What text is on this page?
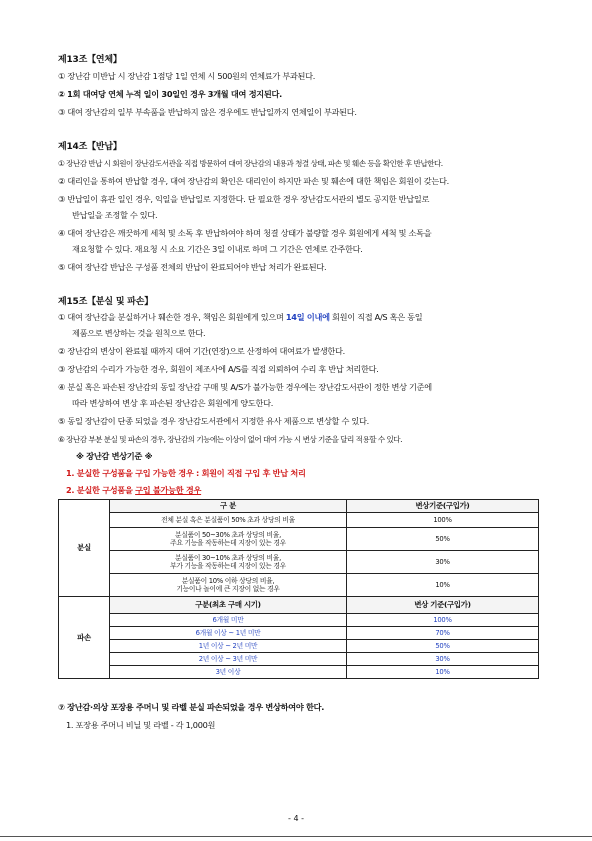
제13조【연체】
① 장난감 미반납 시 장난감 1점당 1일 연체 시 500원의 연체료가 부과된다.
② 1회 대여당 연체 누적 일이 30일인 경우 3개월 대여 정지된다.
③ 대여 장난감의 일부 부속품을 반납하지 않은 경우에도 반납일까지 연체일이 부과된다.
제14조【반납】
① 장난감 반납 시 회원이 장난감도서관을 직접 방문하여 대여 장난감의 내용과 청결 상태, 파손 및 훼손 등을 확인한 후 반납한다.
② 대리인을 통하여 반납할 경우, 대여 장난감의 확인은 대리인이 하지만 파손 및 훼손에 대한 책임은 회원이 갖는다.
③ 반납일이 휴관 일인 경우, 익일을 반납일로 지정한다. 단 필요한 경우 장난감도서관의 별도 공지한 반납일로
반납일을 조정할 수 있다.
④ 대여 장난감은 깨끗하게 세척 및 소독 후 반납하여야 하며 청결 상태가 불량할 경우 회원에게 세척 및 소독을
재요청할 수 있다. 재요청 시 소요 기간은 3일 이내로 하며 그 기간은 연체로 간주한다.
⑤ 대여 장난감 반납은 구성품 전체의 반납이 완료되어야 반납 처리가 완료된다.
제15조【분실 및 파손】
① 대여 장난감을 분실하거나 훼손한 경우, 책임은 회원에게 있으며 14일 이내에 회원이 직접 A/S 혹은 동일
제품으로 변상하는 것을 원칙으로 한다.
② 장난감의 변상이 완료될 때까지 대여 기간(연장)으로 산정하여 대여료가 발생한다.
③ 장난감의 수리가 가능한 경우, 회원이 제조사에 A/S를 직접 의뢰하여 수리 후 반납 처리한다.
④ 분실 혹은 파손된 장난감의 동일 장난감 구매 및 A/S가 불가능한 경우에는 장난감도서관이 정한 변상 기준에
따라 변상하여 변상 후 파손된 장난감은 회원에게 양도한다.
⑤ 동일 장난감이 단종 되었을 경우 장난감도서관에서 지정한 유사 제품으로 변상할 수 있다.
⑥ 장난감 부분 분실 및 파손의 경우, 장난감의 기능에는 이상이 없어 대여 가능 시 변상 기준을 달리 적용할 수 있다.
※ 장난감 변상기준 ※
1. 분실한 구성품을 구입 가능한 경우 : 회원이 직접 구입 후 반납 처리
2. 분실한 구성품을 구입 불가능한 경우
분실	구 분	변상기준(구입가)
	전체 분실 혹은 분실품이 50% 초과 상당의 비율	100%

	분실품이 50~30% 초과 상당의 비율,
주요 기능을 작동하는데 지장이 있는 경우	50%

	분실품이 30~10% 초과 상당의 비율,
부가 기능을 작동하는데 지장이 있는 경우	30%

	분실품이 10% 이하 상당의 비율,
기능이나 놀이에 큰 지장이 없는 경우	10%
파손	구분(최초 구매 시기)	변상 기준(구입가)
	6개월 미만	100%
	6개월 이상 ~ 1년 미만	70%
	1년 이상 ~ 2년 미만	50%
	2년 이상 ~ 3년 미만	30%
	3년 이상	10%
⑦ 장난감·의상 포장용 주머니 및 라벨 분실 파손되었을 경우 변상하여야 한다.
1. 포장용 주머니 비닐 및 라벨 - 각 1,000원
- 4 -
